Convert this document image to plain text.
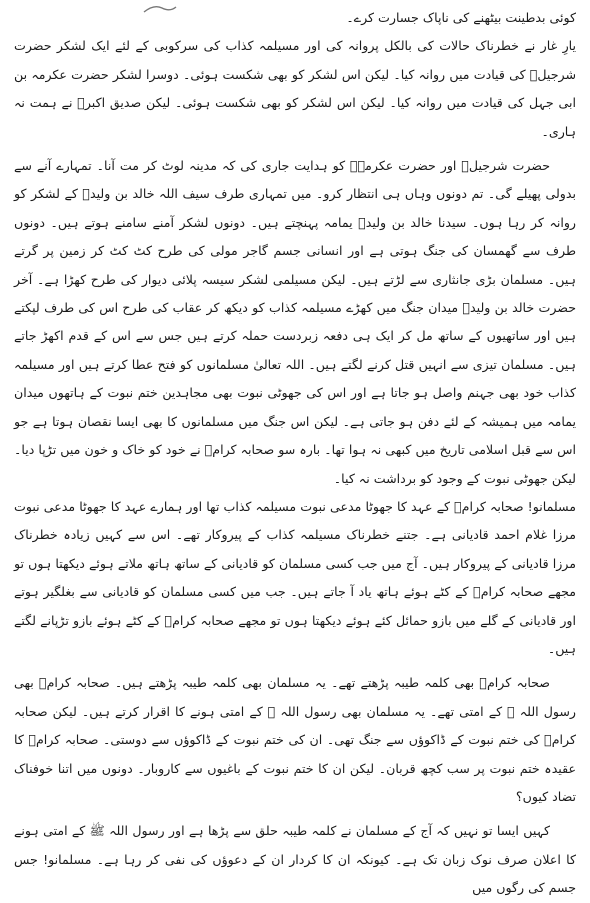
کوئی بدطینت بیٹھنے کی ناپاک جسارت کرے۔

یارِ غار نے خطرناک حالات کی بالکل پروانہ کی اور مسیلمہ کذاب کی سرکوبی کے لئے ایک لشکر حضرت شرجیلؓ کی قیادت میں روانہ کیا۔ لیکن اس لشکر کو بھی شکست ہوئی۔ دوسرا لشکر حضرت عکرمہ بن ابی جہل کی قیادت میں روانہ کیا۔ لیکن اس لشکر کو بھی شکست ہوئی۔ لیکن صدیق اکبرؓ نے ہمت نہ ہاری۔

حضرت شرجیلؓ اور حضرت عکرمہؓ کو ہدایت جاری کی کہ مدینہ لوٹ کر مت آنا۔ تمہارے آنے سے بدولی پھیلے گی۔ تم دونوں وہاں ہی انتظار کرو۔ میں تمہاری طرف سیف اللہ خالد بن ولیدؓ کے لشکر کو روانہ کر رہا ہوں۔ سیدنا خالد بن ولیدؓ یمامہ پہنچتے ہیں۔ دونوں لشکر آمنے سامنے ہوتے ہیں۔ دونوں طرف سے گھمسان کی جنگ ہوتی ہے اور انسانی جسم گاجر مولی کی طرح کٹ کٹ کر زمین پر گرتے ہیں۔ مسلمان بڑی جانثاری سے لڑتے ہیں۔ لیکن مسیلمی لشکر سیسہ پلائی دیوار کی طرح کھڑا ہے۔ آخر حضرت خالد بن ولیدؓ میدان جنگ میں کھڑے مسیلمہ کذاب کو دیکھ کر عقاب کی طرح اس کی طرف لپکتے ہیں اور ساتھیوں کے ساتھ مل کر ایک ہی دفعہ زبردست حملہ کرتے ہیں جس سے اس کے قدم اکھڑ جاتے ہیں۔ مسلمان تیزی سے انہیں قتل کرنے لگتے ہیں۔ اللہ تعالیٰ مسلمانوں کو فتح عطا کرتے ہیں اور مسیلمہ کذاب خود بھی جہنم واصل ہو جاتا ہے اور اس کی جھوٹی نبوت بھی مجاہدین ختم نبوت کے ہاتھوں میدان یمامہ میں ہمیشہ کے لئے دفن ہو جاتی ہے۔ لیکن اس جنگ میں مسلمانوں کا بھی ایسا نقصان ہوتا ہے جو اس سے قبل اسلامی تاریخ میں کبھی نہ ہوا تھا۔ بارہ سو صحابہ کرامؓ نے خود کو خاک و خون میں تڑپا دیا۔ لیکن جھوٹی نبوت کے وجود کو برداشت نہ کیا۔

مسلمانو! صحابہ کرامؓ کے عہد کا جھوٹا مدعی نبوت مسیلمہ کذاب تھا اور ہمارے عہد کا جھوٹا مدعی نبوت مرزا غلام احمد قادیانی ہے۔ جتنے خطرناک مسیلمہ کذاب کے پیروکار تھے۔ اس سے کہیں زیادہ خطرناک مرزا قادیانی کے پیروکار ہیں۔ آج میں جب کسی مسلمان کو قادیانی کے ساتھ ہاتھ ملاتے ہوئے دیکھتا ہوں تو مجھے صحابہ کرامؓ کے کٹے ہوئے ہاتھ یاد آ جاتے ہیں۔ جب میں کسی مسلمان کو قادیانی سے بغلگیر ہوتے اور قادیانی کے گلے میں بازو حمائل کئے ہوئے دیکھتا ہوں تو مجھے صحابہ کرامؓ کے کٹے ہوئے بازو تڑپانے لگتے ہیں۔

صحابہ کرامؓ بھی کلمہ طیبہ پڑھتے تھے۔ یہ مسلمان بھی کلمہ طیبہ پڑھتے ہیں۔ صحابہ کرامؓ بھی رسول اللہ ﷺ کے امتی تھے۔ یہ مسلمان بھی رسول اللہ ﷺ کے امتی ہونے کا اقرار کرتے ہیں۔ لیکن صحابہ کرامؓ کی ختم نبوت کے ڈاکوؤں سے جنگ تھی۔ ان کی ختم نبوت کے ڈاکوؤں سے دوستی۔ صحابہ کرامؓ کا عقیدہ ختم نبوت پر سب کچھ قربان۔ لیکن ان کا ختم نبوت کے باغیوں سے کاروبار۔ دونوں میں اتنا خوفناک تضاد کیوں؟

کہیں ایسا تو نہیں کہ آج کے مسلمان نے کلمہ طیبہ حلق سے پڑھا ہے اور رسول اللہ ﷺ کے امتی ہونے کا اعلان صرف نوک زبان تک ہے۔ کیونکہ ان کا کردار ان کے دعوؤں کی نفی کر رہا ہے۔ مسلمانو! جس جسم کی رگوں میں
